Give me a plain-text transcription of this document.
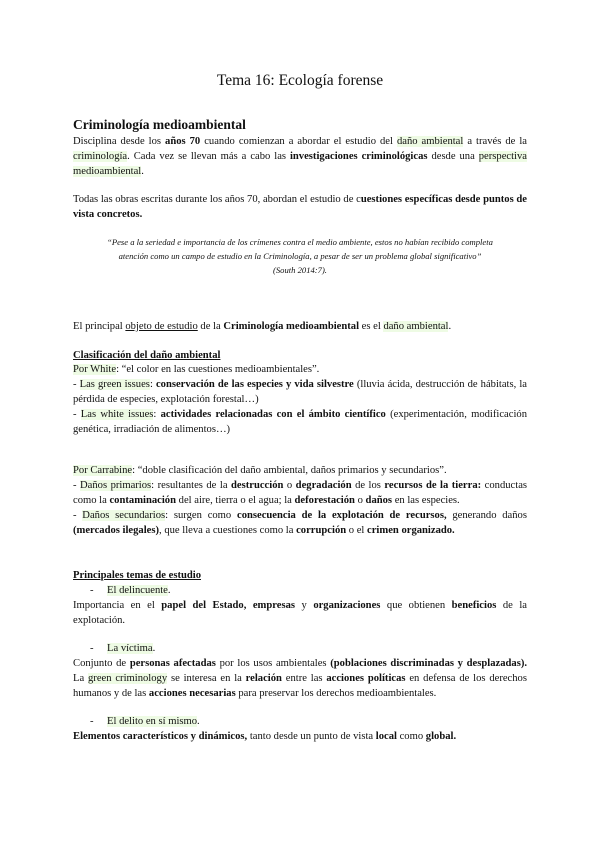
Tema 16: Ecología forense
Criminología medioambiental
Disciplina desde los años 70 cuando comienzan a abordar el estudio del daño ambiental a través de la criminología. Cada vez se llevan más a cabo las investigaciones criminológicas desde una perspectiva medioambiental.
Todas las obras escritas durante los años 70, abordan el estudio de cuestiones específicas desde puntos de vista concretos.
“Pese a la seriedad e importancia de los crímenes contra el medio ambiente, estos no habían recibido completa
atención como un campo de estudio en la Criminología, a pesar de ser un problema global significativo”
(South 2014:7).
El principal objeto de estudio de la Criminología medioambiental es el daño ambiental.
Clasificación del daño ambiental
Por White: “el color en las cuestiones medioambientales”.
- Las green issues: conservación de las especies y vida silvestre (lluvia ácida, destrucción de hábitats, la pérdida de especies, explotación forestal…)
- Las white issues: actividades relacionadas con el ámbito científico (experimentación, modificación genética, irradiación de alimentos…)
Por Carrabine: “doble clasificación del daño ambiental, daños primarios y secundarios”.
- Daños primarios: resultantes de la destrucción o degradación de los recursos de la tierra: conductas como la contaminación del aire, tierra o el agua; la deforestación o daños en las especies.
- Daños secundarios: surgen como consecuencia de la explotación de recursos, generando daños (mercados ilegales), que lleva a cuestiones como la corrupción o el crimen organizado.
Principales temas de estudio
- El delincuente.
Importancia en el papel del Estado, empresas y organizaciones que obtienen beneficios de la explotación.
- La víctima.
Conjunto de personas afectadas por los usos ambientales (poblaciones discriminadas y desplazadas). La green criminology se interesa en la relación entre las acciones políticas en defensa de los derechos humanos y de las acciones necesarias para preservar los derechos medioambientales.
- El delito en sí mismo.
Elementos característicos y dinámicos, tanto desde un punto de vista local como global.
